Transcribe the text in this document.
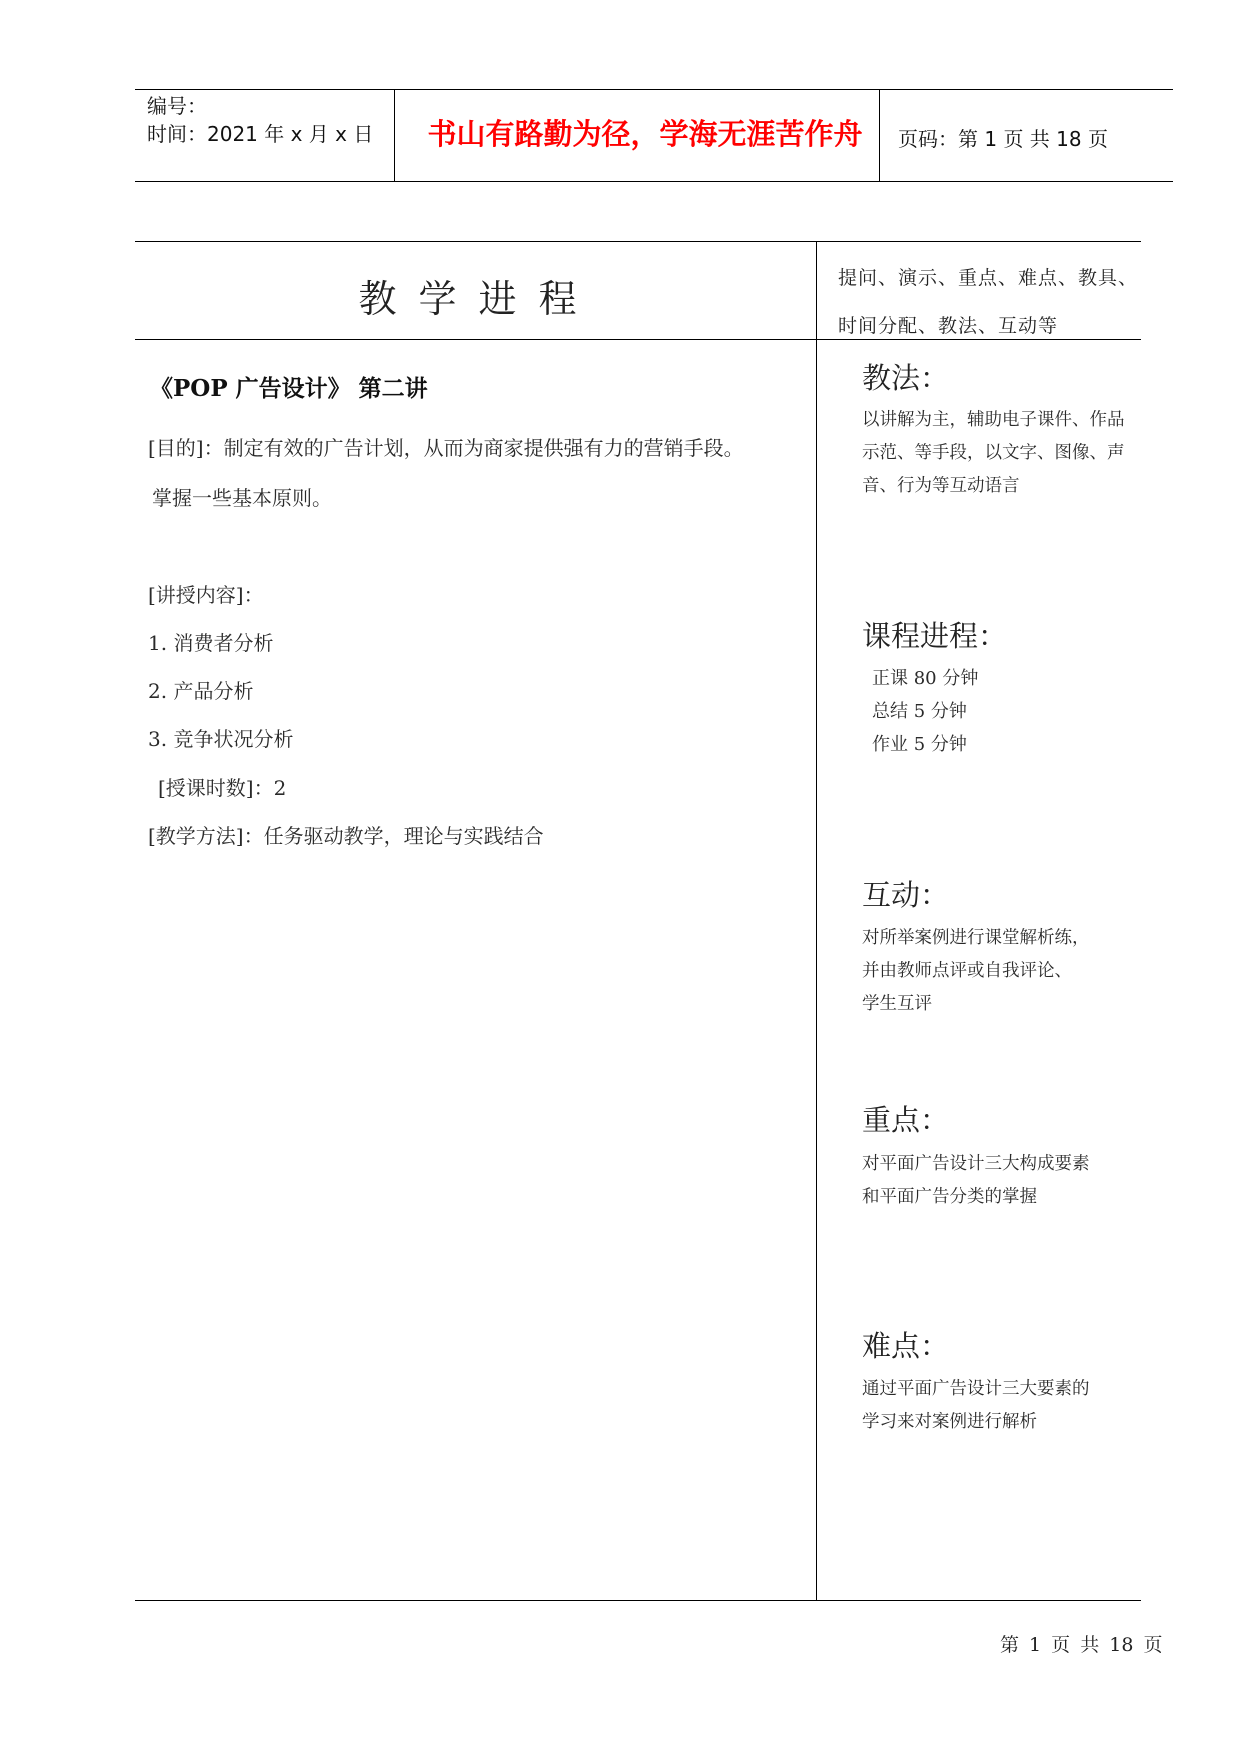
编号：
时间：2021 年 x 月 x 日	书山有路勤为径，学海无涯苦作舟	页码：第 1 页 共 18 页
教学进程	提问、演示、重点、难点、教具、
时间分配、教法、互动等
《POP 广告设计》 第二讲
[目的]：制定有效的广告计划，从而为商家提供强有力的营销手段。
掌握一些基本原则。
[讲授内容]：
1. 消费者分析
2. 产品分析
3. 竞争状况分析
[授课时数]：2
[教学方法]：任务驱动教学，理论与实践结合
教法：
以讲解为主，辅助电子课件、作品
示范、等手段，以文字、图像、声
音、行为等互动语言
课程进程：
正课 80 分钟
总结 5 分钟
作业 5 分钟
互动：
对所举案例进行课堂解析练，
并由教师点评或自我评论、
学生互评
重点：
对平面广告设计三大构成要素
和平面广告分类的掌握
难点：
通过平面广告设计三大要素的
学习来对案例进行解析
第 1 页 共 18 页
